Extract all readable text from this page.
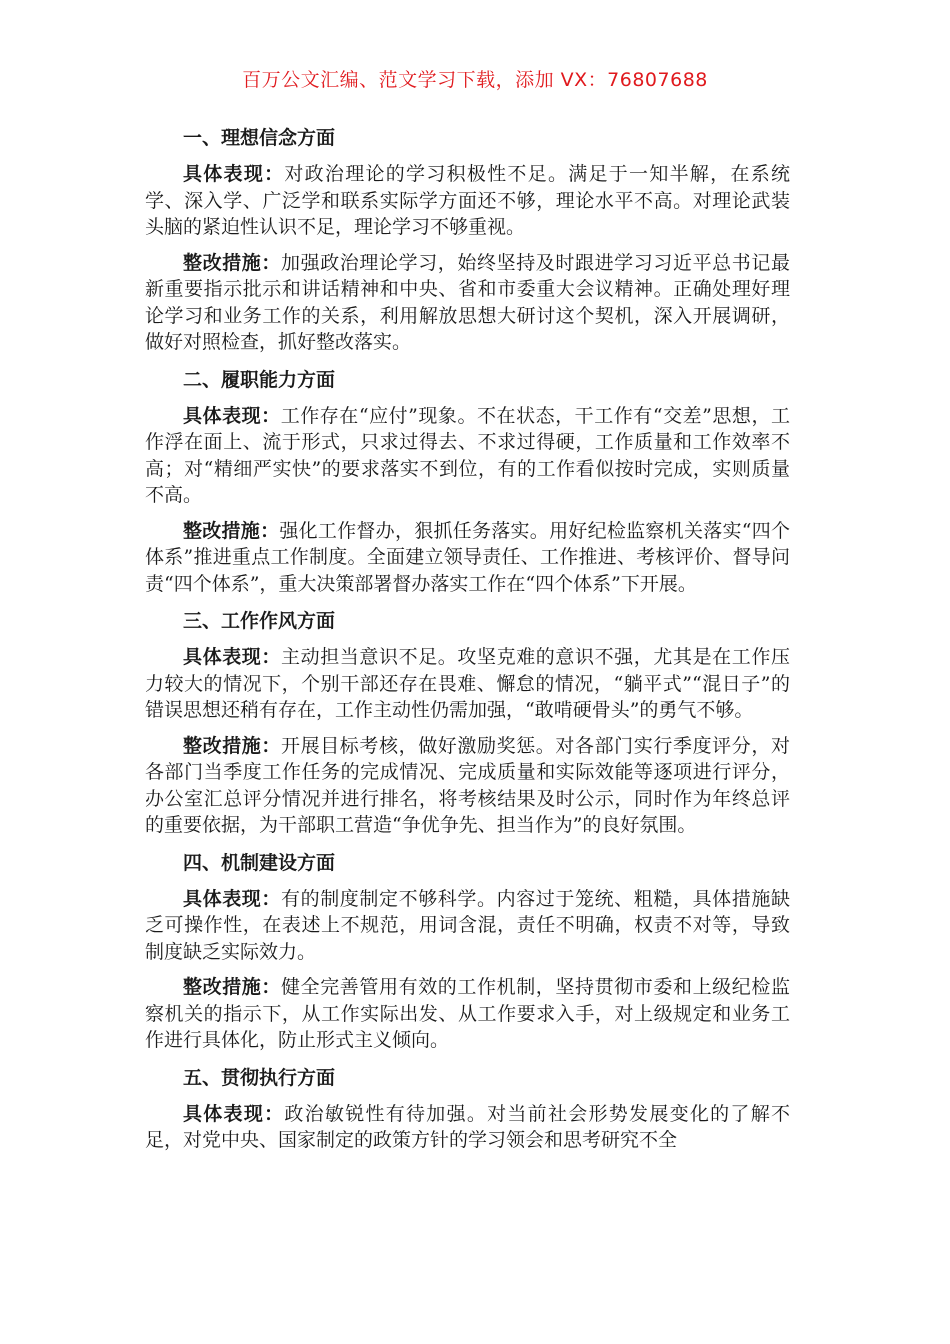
百万公文汇编、范文学习下载，添加 VX：76807688
一、理想信念方面

具体表现：对政治理论的学习积极性不足。满足于一知半解，在系统学、深入学、广泛学和联系实际学方面还不够，理论水平不高。对理论武装头脑的紧迫性认识不足，理论学习不够重视。

整改措施：加强政治理论学习，始终坚持及时跟进学习习近平总书记最新重要指示批示和讲话精神和中央、省和市委重大会议精神。正确处理好理论学习和业务工作的关系，利用解放思想大研讨这个契机，深入开展调研，做好对照检查，抓好整改落实。

二、履职能力方面

具体表现：工作存在“应付”现象。不在状态，干工作有“交差”思想，工作浮在面上、流于形式，只求过得去、不求过得硬，工作质量和工作效率不高；对“精细严实快”的要求落实不到位，有的工作看似按时完成，实则质量不高。

整改措施：强化工作督办，狠抓任务落实。用好纪检监察机关落实“四个体系”推进重点工作制度。全面建立领导责任、工作推进、考核评价、督导问责“四个体系”，重大决策部署督办落实工作在“四个体系”下开展。

三、工作作风方面

具体表现：主动担当意识不足。攻坚克难的意识不强，尤其是在工作压力较大的情况下，个别干部还存在畏难、懈怠的情况，“躺平式”“混日子”的错误思想还稍有存在，工作主动性仍需加强，“敢啃硬骨头”的勇气不够。

整改措施：开展目标考核，做好激励奖惩。对各部门实行季度评分，对各部门当季度工作任务的完成情况、完成质量和实际效能等逐项进行评分，办公室汇总评分情况并进行排名，将考核结果及时公示，同时作为年终总评的重要依据，为干部职工营造“争优争先、担当作为”的良好氛围。

四、机制建设方面

具体表现：有的制度制定不够科学。内容过于笼统、粗糙，具体措施缺乏可操作性，在表述上不规范，用词含混，责任不明确，权责不对等，导致制度缺乏实际效力。

整改措施：健全完善管用有效的工作机制，坚持贯彻市委和上级纪检监察机关的指示下，从工作实际出发、从工作要求入手，对上级规定和业务工作进行具体化，防止形式主义倾向。

五、贯彻执行方面

具体表现：政治敏锐性有待加强。对当前社会形势发展变化的了解不足，对党中央、国家制定的政策方针的学习领会和思考研究不全
